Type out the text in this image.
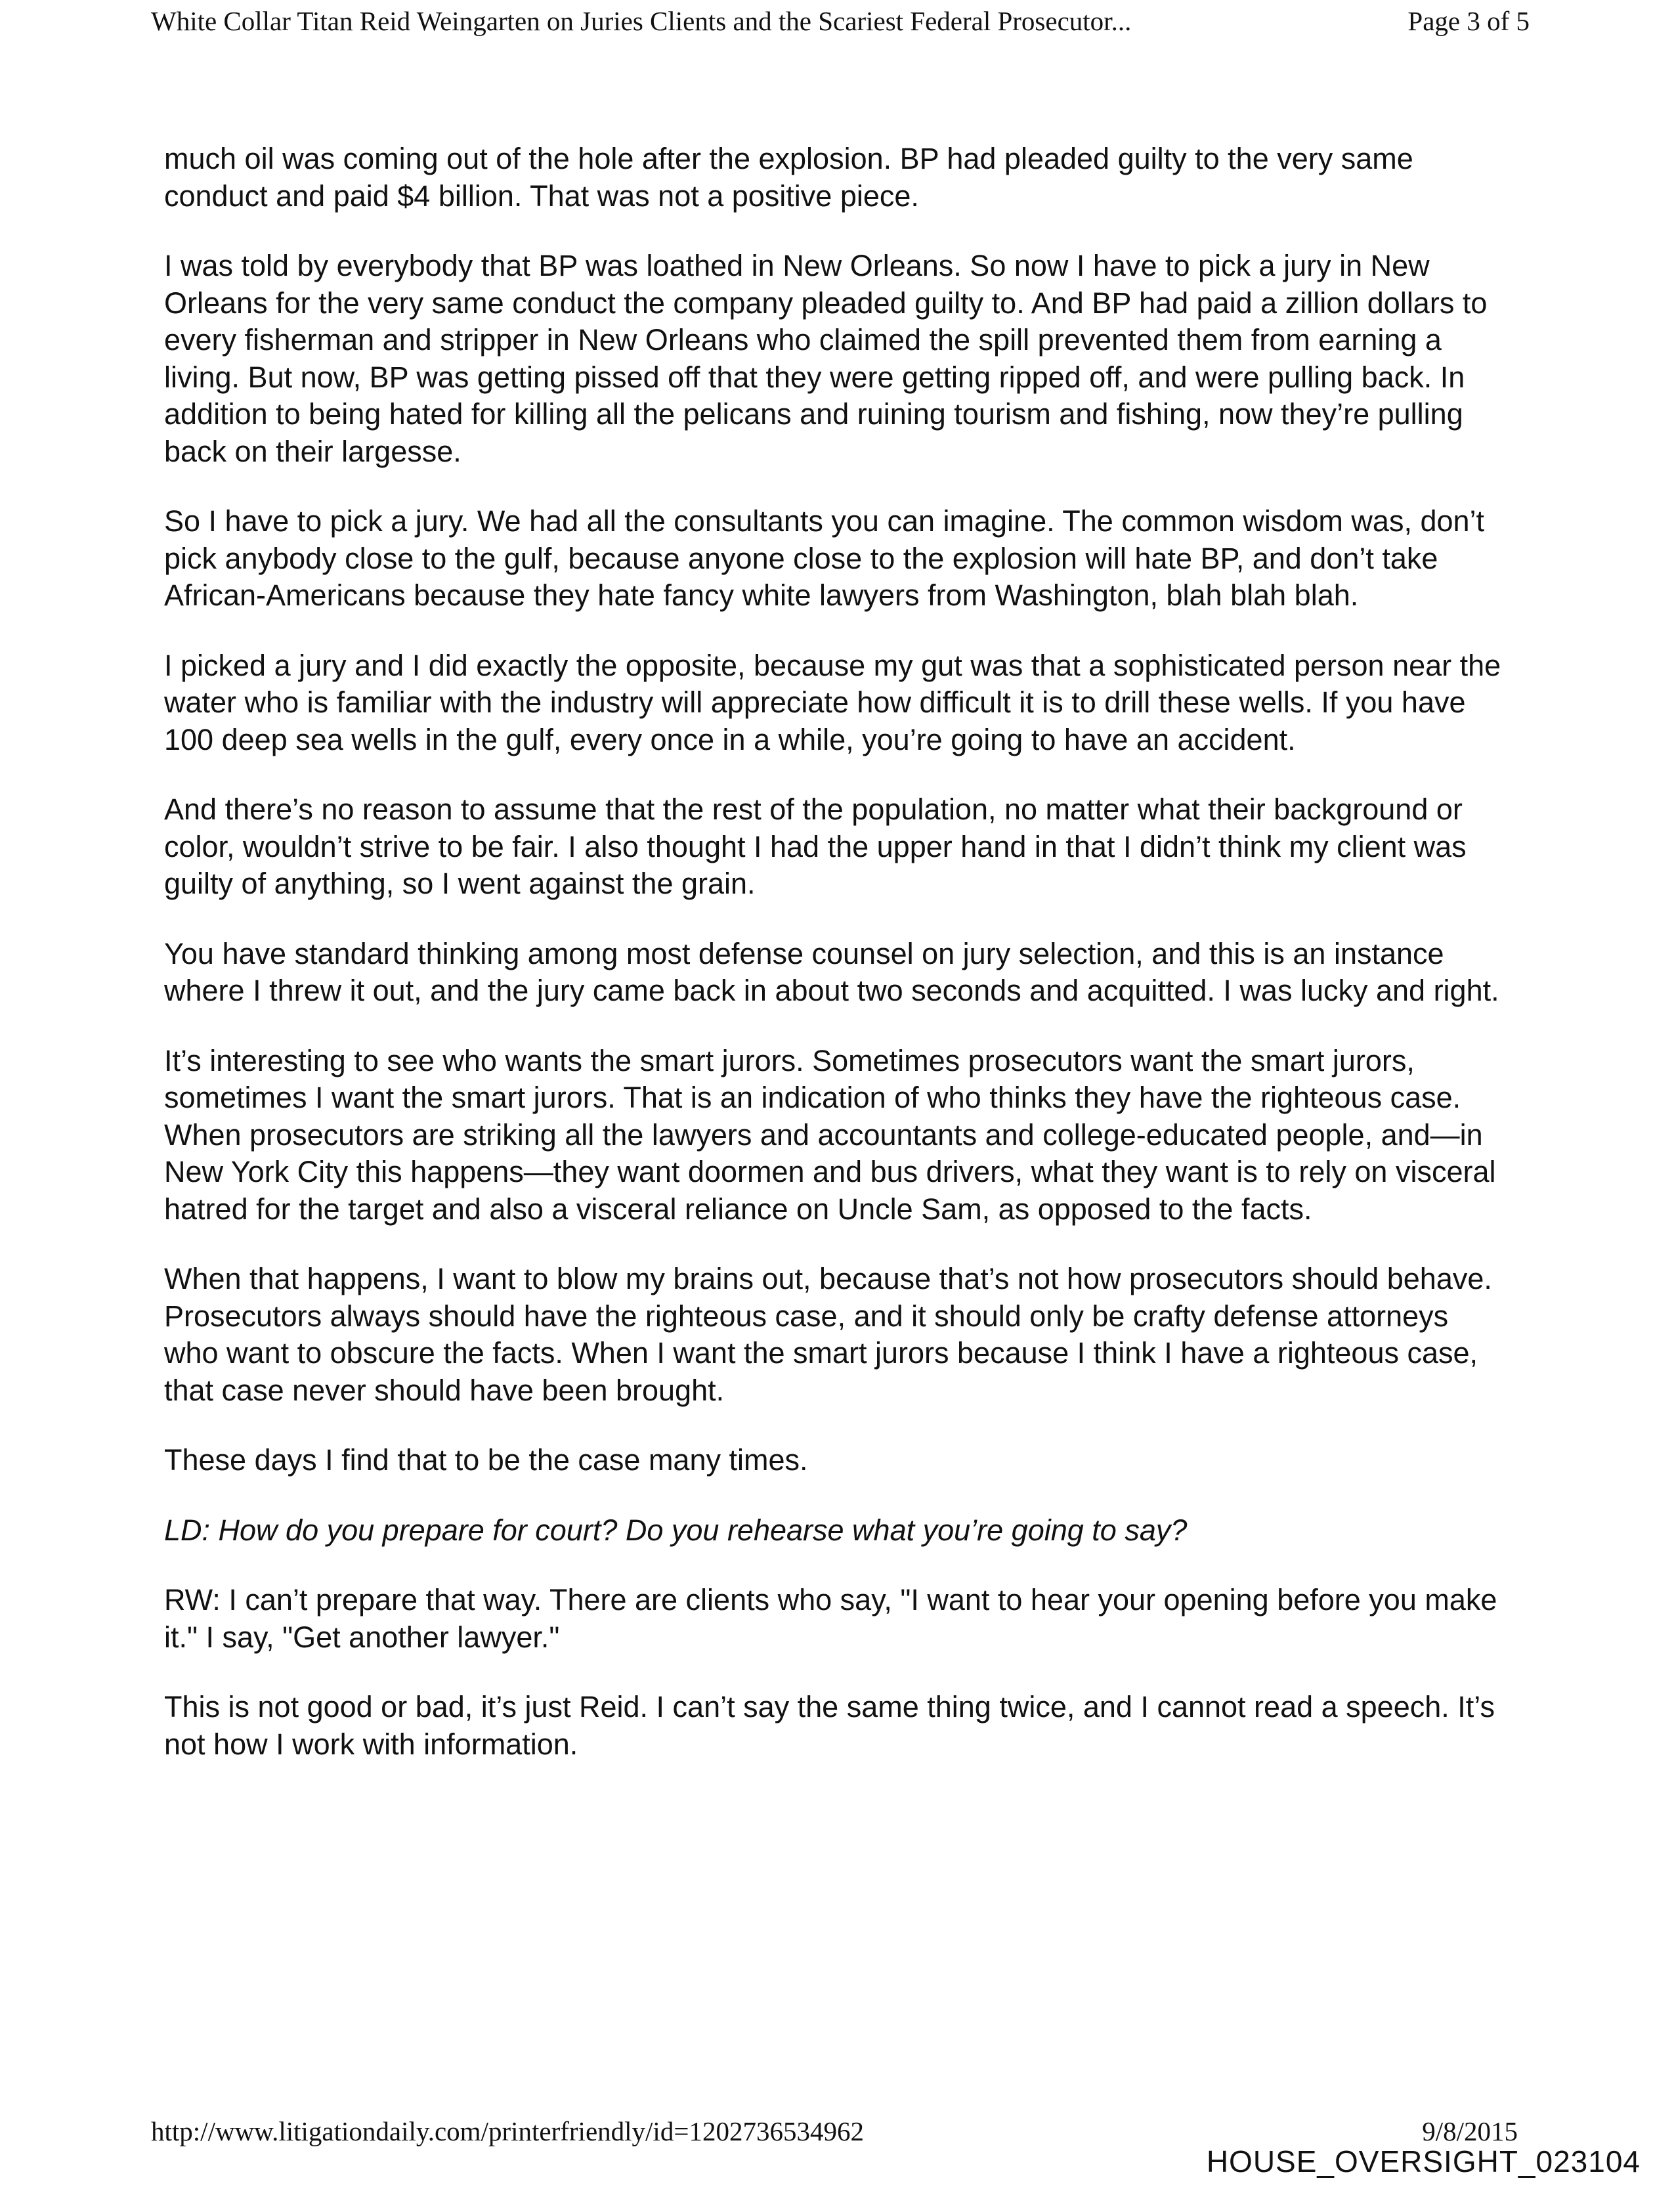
White Collar Titan Reid Weingarten on Juries Clients and the Scariest Federal Prosecutor...	Page 3 of 5

much oil was coming out of the hole after the explosion. BP had pleaded guilty to the very same conduct and paid $4 billion. That was not a positive piece.

I was told by everybody that BP was loathed in New Orleans. So now I have to pick a jury in New Orleans for the very same conduct the company pleaded guilty to. And BP had paid a zillion dollars to every fisherman and stripper in New Orleans who claimed the spill prevented them from earning a living. But now, BP was getting pissed off that they were getting ripped off, and were pulling back. In addition to being hated for killing all the pelicans and ruining tourism and fishing, now they’re pulling back on their largesse.

So I have to pick a jury. We had all the consultants you can imagine. The common wisdom was, don’t pick anybody close to the gulf, because anyone close to the explosion will hate BP, and don’t take African-Americans because they hate fancy white lawyers from Washington, blah blah blah.

I picked a jury and I did exactly the opposite, because my gut was that a sophisticated person near the water who is familiar with the industry will appreciate how difficult it is to drill these wells. If you have 100 deep sea wells in the gulf, every once in a while, you’re going to have an accident.

And there’s no reason to assume that the rest of the population, no matter what their background or color, wouldn’t strive to be fair. I also thought I had the upper hand in that I didn’t think my client was guilty of anything, so I went against the grain.

You have standard thinking among most defense counsel on jury selection, and this is an instance where I threw it out, and the jury came back in about two seconds and acquitted. I was lucky and right.

It’s interesting to see who wants the smart jurors. Sometimes prosecutors want the smart jurors, sometimes I want the smart jurors. That is an indication of who thinks they have the righteous case. When prosecutors are striking all the lawyers and accountants and college-educated people, and—in New York City this happens—they want doormen and bus drivers, what they want is to rely on visceral hatred for the target and also a visceral reliance on Uncle Sam, as opposed to the facts.

When that happens, I want to blow my brains out, because that’s not how prosecutors should behave. Prosecutors always should have the righteous case, and it should only be crafty defense attorneys who want to obscure the facts. When I want the smart jurors because I think I have a righteous case, that case never should have been brought.

These days I find that to be the case many times.

LD: How do you prepare for court? Do you rehearse what you’re going to say?

RW: I can’t prepare that way. There are clients who say, "I want to hear your opening before you make it." I say, "Get another lawyer."

This is not good or bad, it’s just Reid. I can’t say the same thing twice, and I cannot read a speech. It’s not how I work with information.

http://www.litigationdaily.com/printerfriendly/id=1202736534962	9/8/2015
HOUSE_OVERSIGHT_023104
